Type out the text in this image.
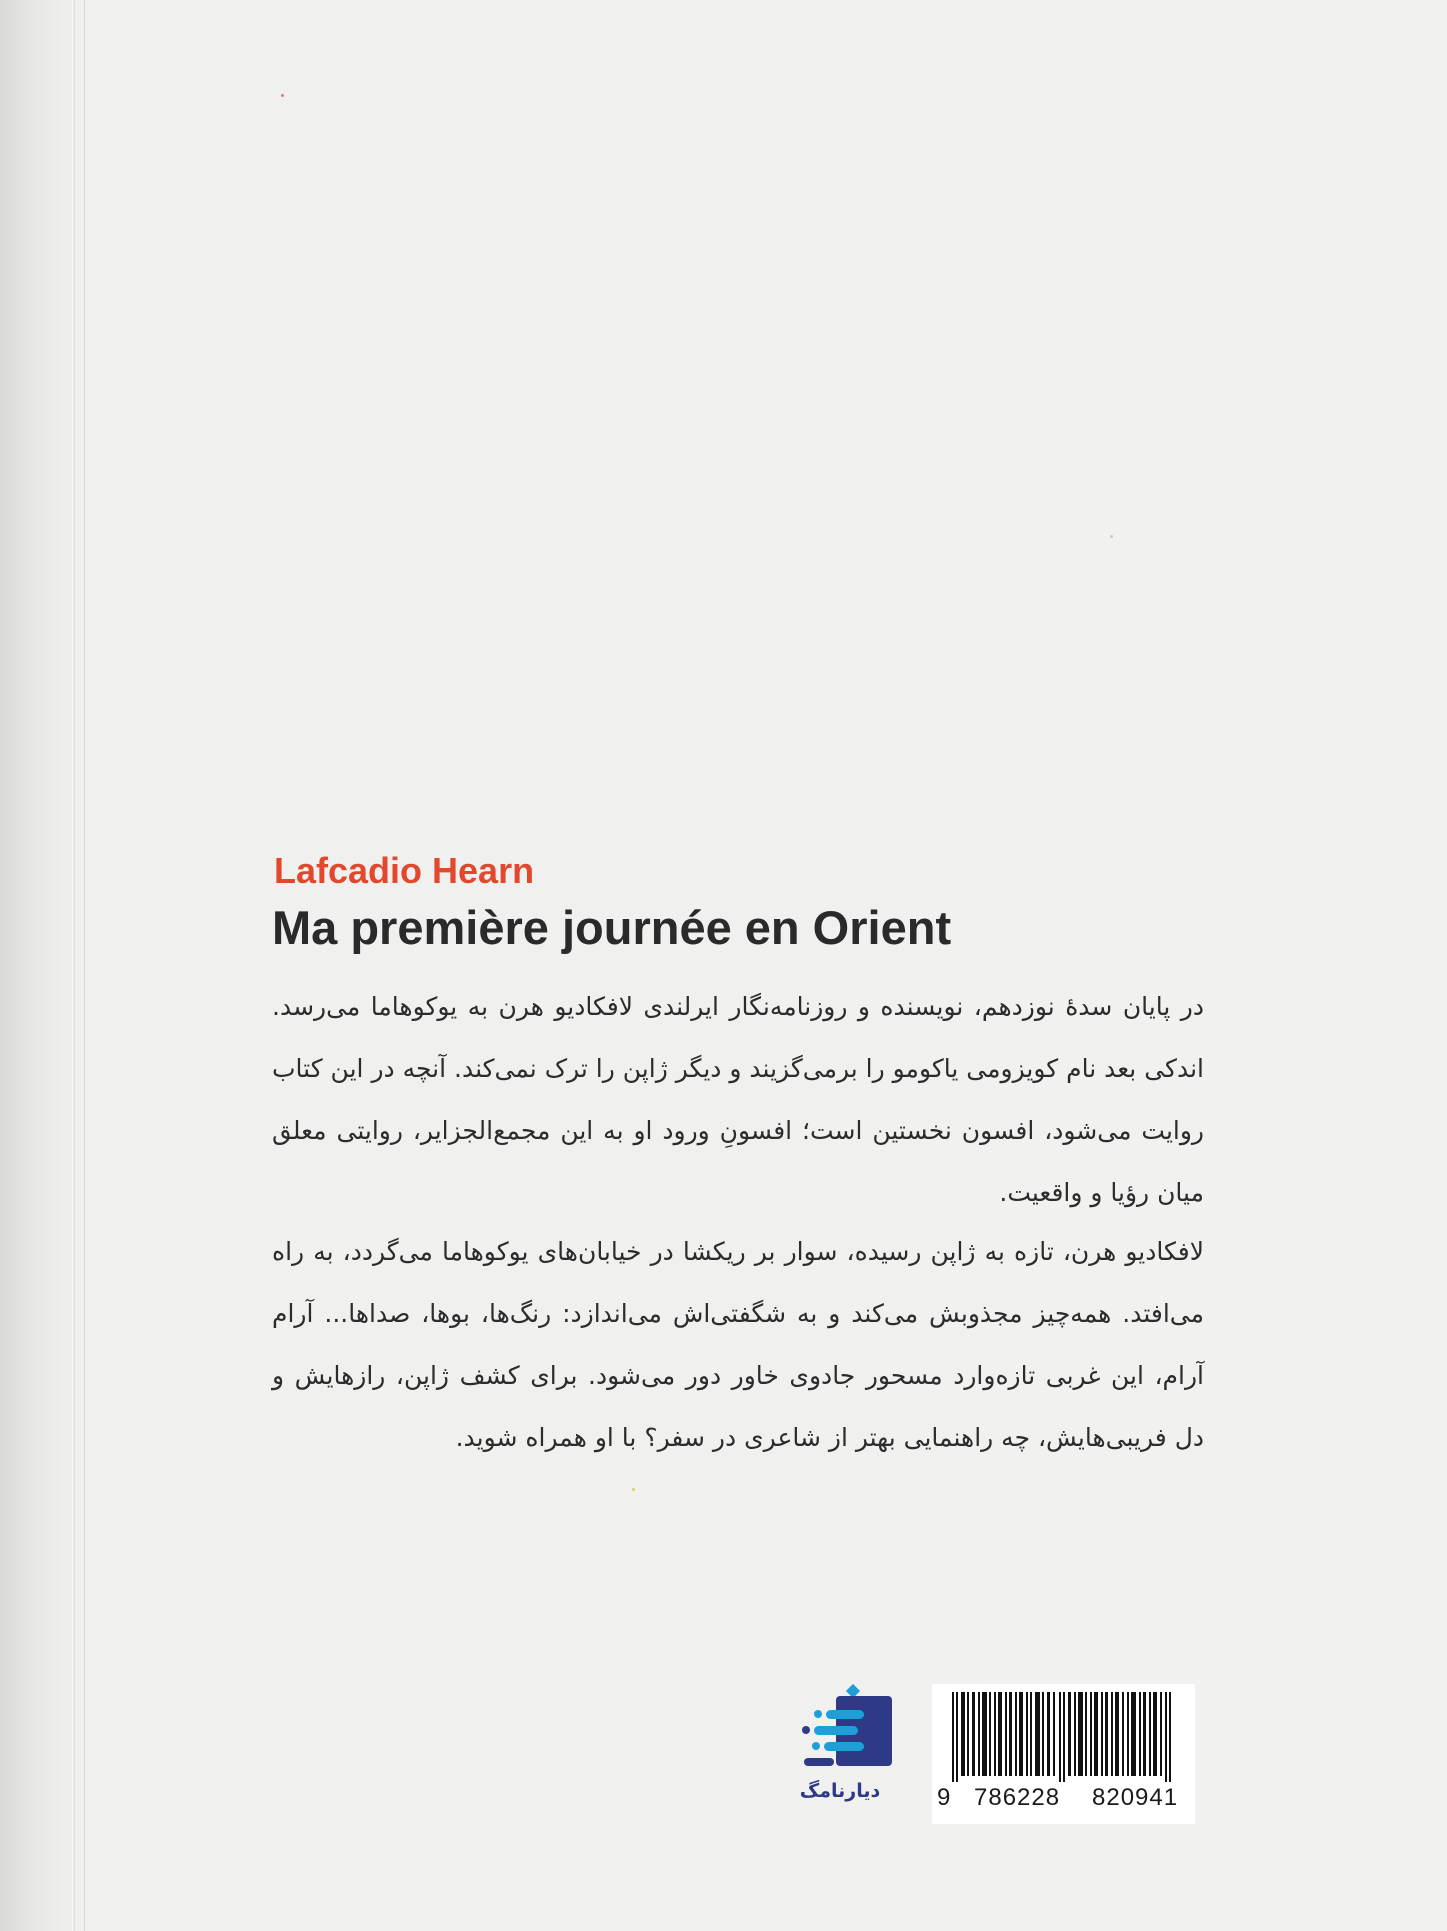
Lafcadio Hearn
Ma première journée en Orient
در پایان سدهٔ نوزدهم، نویسنده و روزنامه‌نگار ایرلندی لافکادیو هرن به یوکوهاما می‌رسد. اندکی بعد نام کویزومی یاکومو را برمی‌گزیند و دیگر ژاپن را ترک نمی‌کند. آنچه در این کتاب روایت می‌شود، افسون نخستین است؛ افسونِ ورود او به این مجمع‌الجزایر، روایتی معلق میان رؤیا و واقعیت.
لافکادیو هرن، تازه به ژاپن رسیده، سوار بر ریکشا در خیابان‌های یوکوهاما می‌گردد، به راه می‌افتد. همه‌چیز مجذوبش می‌کند و به شگفتی‌اش می‌اندازد: رنگ‌ها، بوها، صداها... آرام آرام، این غربی تازه‌وارد مسحور جادوی خاور دور می‌شود. برای کشف ژاپن، رازهایش و دل فریبی‌هایش، چه راهنمایی بهتر از شاعری در سفر؟ با او همراه شوید.
دیارنامگ	9 786228 820941
